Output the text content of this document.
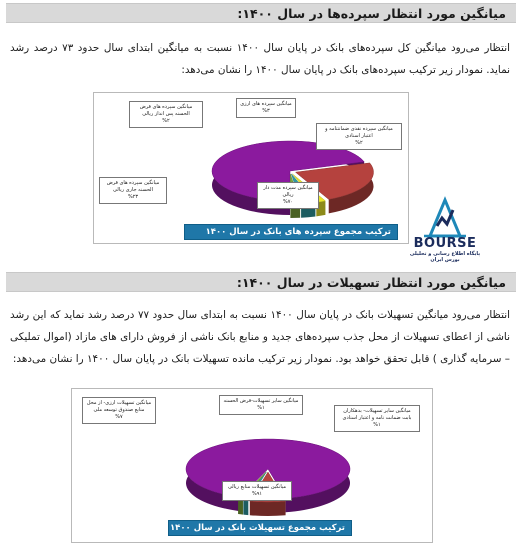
میانگین مورد انتظار سپرده‌ها در سال ۱۴۰۰:

انتظار می‌رود میانگین کل سپرده‌های بانک در پایان سال ۱۴۰۰ نسبت به میانگین ابتدای سال حدود ۷۳ درصد رشد نماید. نمودار زیر ترکیب سپرده‌های بانک در پایان سال ۱۴۰۰ را نشان می‌دهد:

میانگین سپرده های قرض الحسنه پس انداز ریالی
%۲
میانگین سپرده های ارزی
%۳
میانگین سپرده نقدی ضمانتنامه و اعتبار اسنادی
%۲
میانگین سپرده های قرض الحسنه جاری ریالی
%۲۳
میانگین سپرده مدت دار ریالی
%۷۰
ترکیب مجموع سپرده های بانک در سال ۱۴۰۰
BOURSE
پایگاه اطلاع رسانی و تحلیلی بورس ایران
میانگین مورد انتظار تسهیلات در سال ۱۴۰۰:

انتظار می‌رود میانگین تسهیلات بانک در پایان سال ۱۴۰۰ نسبت به ابتدای سال حدود ۷۷ درصد رشد نماید که این رشد ناشی از اعطای تسهیلات از محل جذب سپرده‌های جدید و منابع بانک ناشی از فروش دارای های مازاد (اموال تملیکی – سرمایه گذاری ) قابل تحقق خواهد بود. نمودار زیر ترکیب مانده تسهیلات بانک در پایان سال ۱۴۰۰ را نشان می‌دهد:

میانگین تسهیلات ارزی- از محل منابع صندوق توسعه ملی
%۷
میانگین سایر تسهیلات-قرض الحسنه
%۱	میانگین سایر تسهیلات- بدهکاران بابت ضمانت نامه و اعتبار اسنادی
%۱
میانگین تسهیلات منابع ریالی
%۹۱
ترکیب مجموع تسهیلات بانک در سال ۱۴۰۰
